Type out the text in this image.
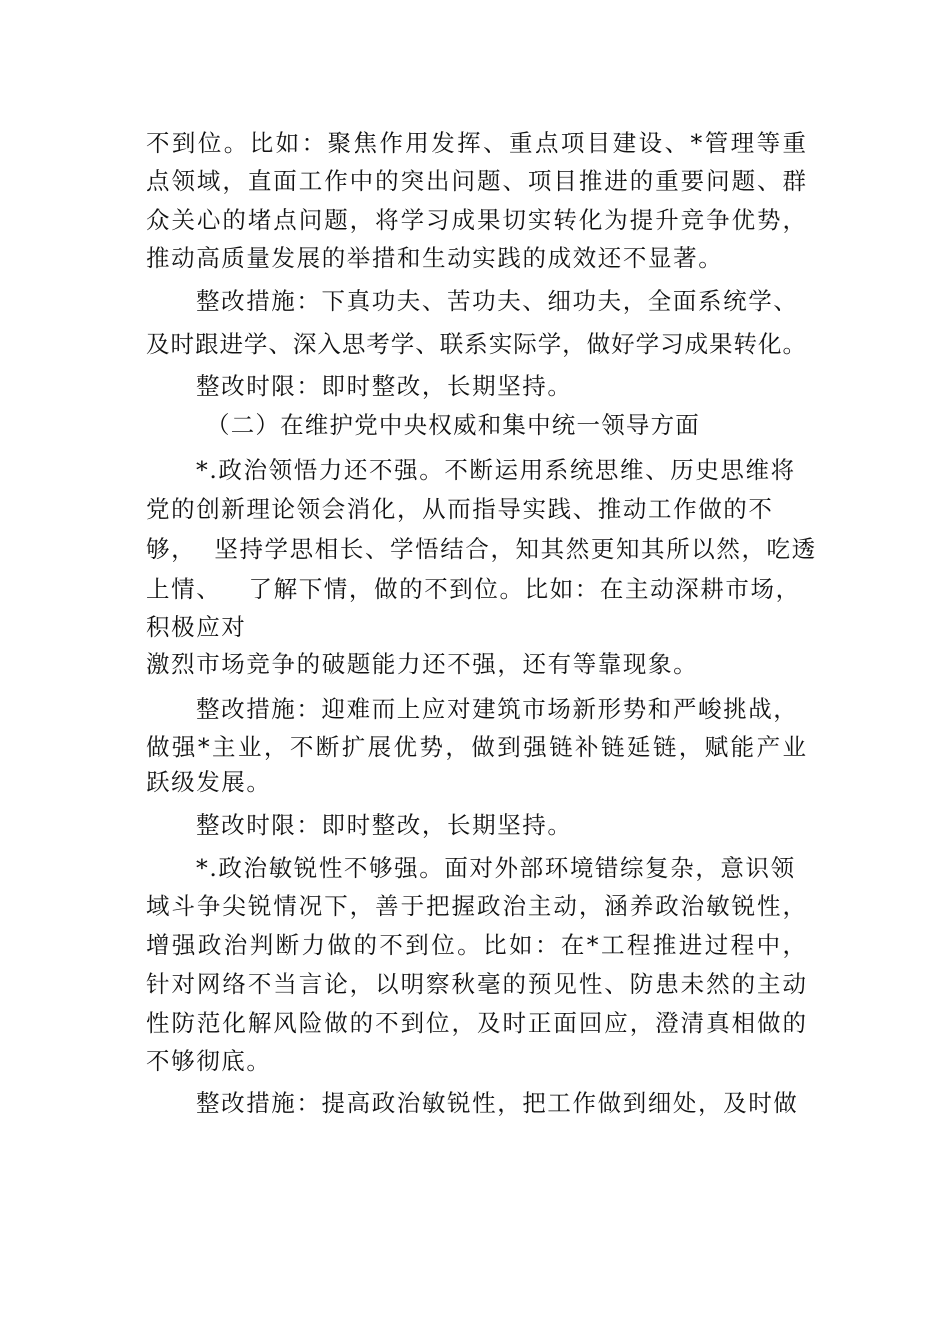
不到位。比如：聚焦作用发挥、重点项目建设、*管理等重
点领域，直面工作中的突出问题、项目推进的重要问题、群
众关心的堵点问题，将学习成果切实转化为提升竞争优势，
推动高质量发展的举措和生动实践的成效还不显著。
整改措施：下真功夫、苦功夫、细功夫，全面系统学、
及时跟进学、深入思考学、联系实际学，做好学习成果转化。
整改时限：即时整改，长期坚持。
（二）在维护党中央权威和集中统一领导方面
*.政治领悟力还不强。不断运用系统思维、历史思维将
党的创新理论领会消化，从而指导实践、推动工作做的不
够，  坚持学思相长、学悟结合，知其然更知其所以然，吃透
上情、   了解下情，做的不到位。比如：在主动深耕市场，
积极应对
激烈市场竞争的破题能力还不强，还有等靠现象。
整改措施：迎难而上应对建筑市场新形势和严峻挑战，
做强*主业，不断扩展优势，做到强链补链延链，赋能产业
跃级发展。
整改时限：即时整改，长期坚持。
*.政治敏锐性不够强。面对外部环境错综复杂，意识领
域斗争尖锐情况下，善于把握政治主动，涵养政治敏锐性，
增强政治判断力做的不到位。比如：在*工程推进过程中，
针对网络不当言论，以明察秋毫的预见性、防患未然的主动
性防范化解风险做的不到位，及时正面回应，澄清真相做的
不够彻底。
整改措施：提高政治敏锐性，把工作做到细处，及时做
